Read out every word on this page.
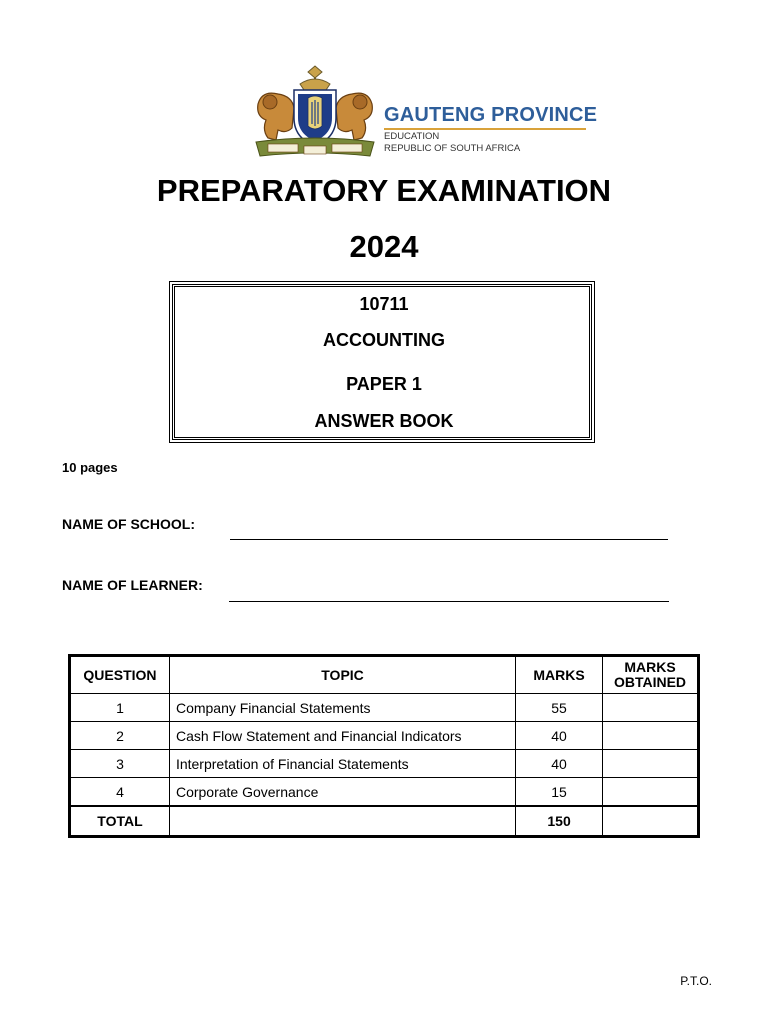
GAUTENG PROVINCE
EDUCATION
REPUBLIC OF SOUTH AFRICA
PREPARATORY EXAMINATION
2024
10711
ACCOUNTING
PAPER 1
ANSWER BOOK
10 pages
NAME OF SCHOOL:
NAME OF LEARNER:
QUESTION	TOPIC	MARKS	MARKS
OBTAINED
1	Company Financial Statements	55	
2	Cash Flow Statement and Financial Indicators	40	
3	Interpretation of Financial Statements	40	
4	Corporate Governance	15	
TOTAL		150	
P.T.O.
